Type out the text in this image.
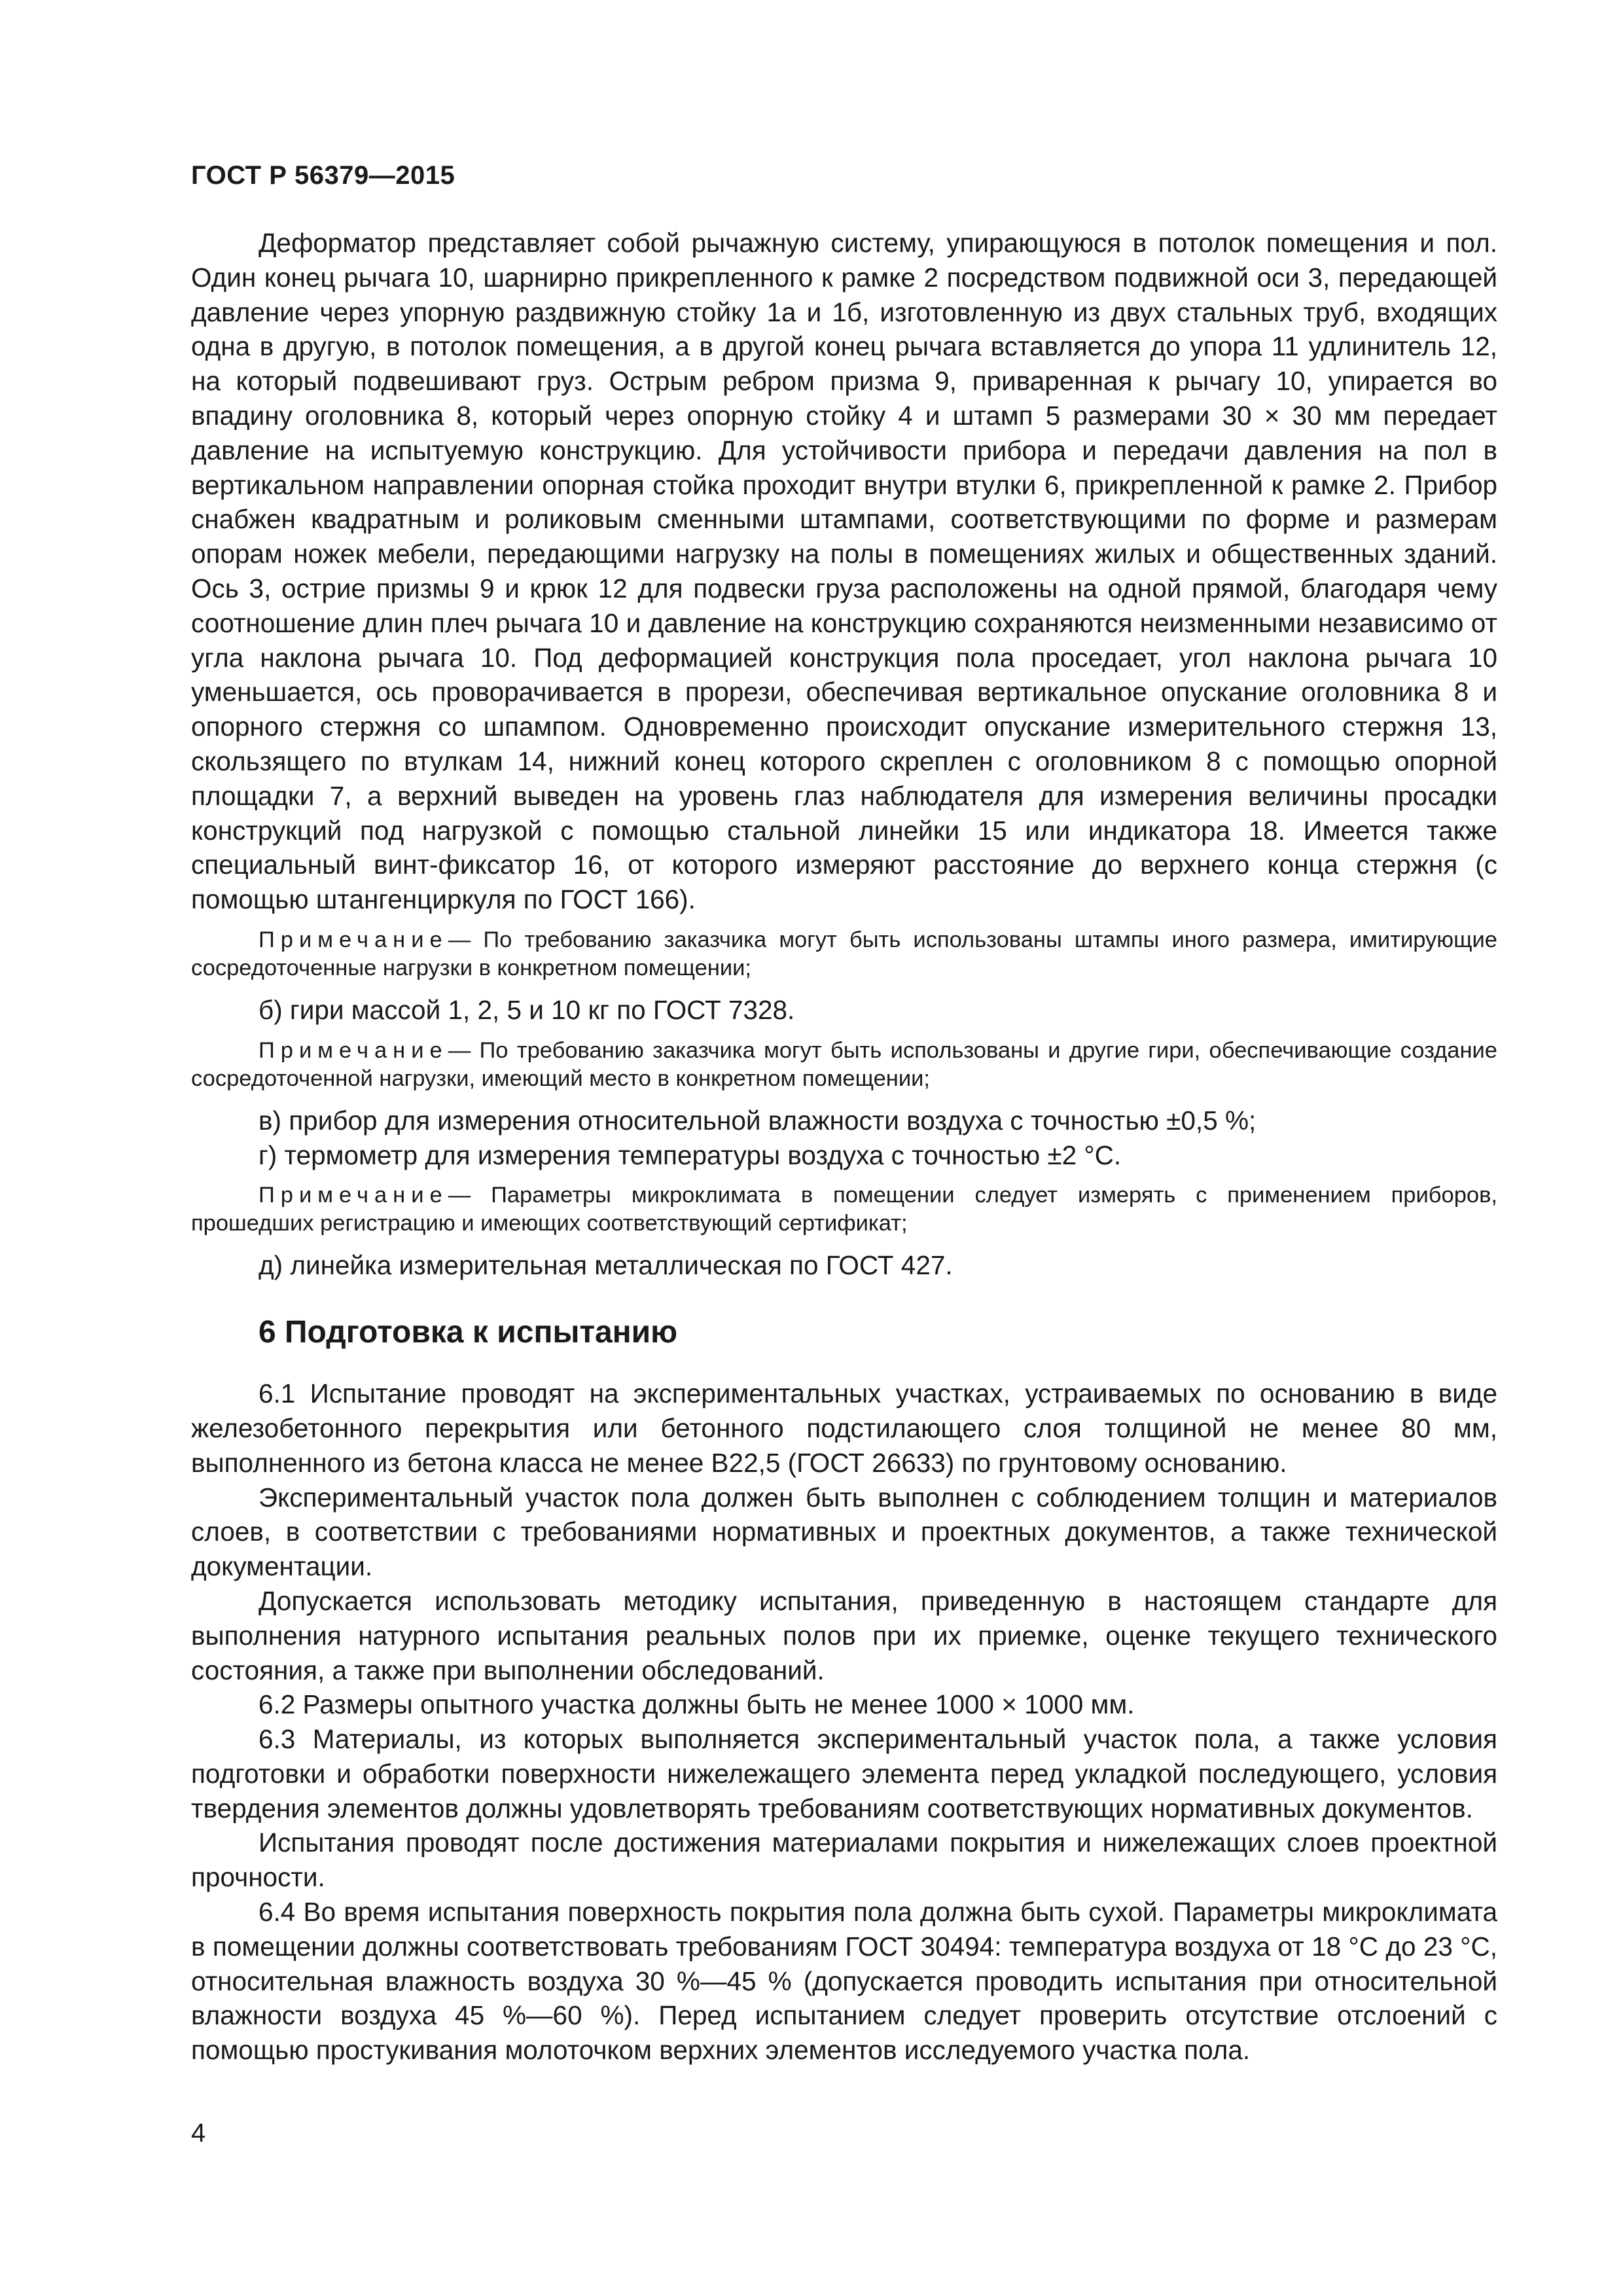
ГОСТ Р 56379—2015

Деформатор представляет собой рычажную систему, упирающуюся в потолок помещения и пол. Один конец рычага 10, шарнирно прикрепленного к рамке 2 посредством подвижной оси 3, передающей давление через упорную раздвижную стойку 1а и 1б, изготовленную из двух стальных труб, входящих одна в другую, в потолок помещения, а в другой конец рычага вставляется до упора 11 удлинитель 12, на который подвешивают груз. Острым ребром призма 9, приваренная к рычагу 10, упирается во впадину оголовника 8, который через опорную стойку 4 и штамп 5 размерами 30 × 30 мм передает давление на испытуемую конструкцию. Для устойчивости прибора и передачи давления на пол в вертикальном направлении опорная стойка проходит внутри втулки 6, прикрепленной к рамке 2. Прибор снабжен квадратным и роликовым сменными штампами, соответствующими по форме и размерам опорам ножек мебели, передающими нагрузку на полы в помещениях жилых и общественных зданий. Ось 3, острие призмы 9 и крюк 12 для подвески груза расположены на одной прямой, благодаря чему соотношение длин плеч рычага 10 и давление на конструкцию сохраняются неизменными независимо от угла наклона рычага 10. Под деформацией конструкция пола проседает, угол наклона рычага 10 уменьшается, ось проворачивается в прорези, обеспечивая вертикальное опускание оголовника 8 и опорного стержня со шпампом. Одновременно происходит опускание измерительного стержня 13, скользящего по втулкам 14, нижний конец которого скреплен с оголовником 8 с помощью опорной площадки 7, а верхний выведен на уровень глаз наблюдателя для измерения величины просадки конструкций под нагрузкой с помощью стальной линейки 15 или индикатора 18. Имеется также специальный винт-фиксатор 16, от которого измеряют расстояние до верхнего конца стержня (с помощью штангенциркуля по ГОСТ 166).

Примечание— По требованию заказчика могут быть использованы штампы иного размера, имитирующие сосредоточенные нагрузки в конкретном помещении;

б) гири массой 1, 2, 5 и 10 кг по ГОСТ 7328.

Примечание— По требованию заказчика могут быть использованы и другие гири, обеспечивающие создание сосредоточенной нагрузки, имеющий место в конкретном помещении;

в) прибор для измерения относительной влажности воздуха с точностью ±0,5 %;

г) термометр для измерения температуры воздуха с точностью ±2 °С.

Примечание— Параметры микроклимата в помещении следует измерять с применением приборов, прошедших регистрацию и имеющих соответствующий сертификат;

д) линейка измерительная металлическая по ГОСТ 427.

6 Подготовка к испытанию

6.1 Испытание проводят на экспериментальных участках, устраиваемых по основанию в виде железобетонного перекрытия или бетонного подстилающего слоя толщиной не менее 80 мм, выполненного из бетона класса не менее В22,5 (ГОСТ 26633) по грунтовому основанию.

Экспериментальный участок пола должен быть выполнен с соблюдением толщин и материалов слоев, в соответствии с требованиями нормативных и проектных документов, а также технической документации.

Допускается использовать методику испытания, приведенную в настоящем стандарте для выполнения натурного испытания реальных полов при их приемке, оценке текущего технического состояния, а также при выполнении обследований.

6.2 Размеры опытного участка должны быть не менее 1000 × 1000 мм.

6.3 Материалы, из которых выполняется экспериментальный участок пола, а также условия подготовки и обработки поверхности нижележащего элемента перед укладкой последующего, условия твердения элементов должны удовлетворять требованиям соответствующих нормативных документов.

Испытания проводят после достижения материалами покрытия и нижележащих слоев проектной прочности.

6.4 Во время испытания поверхность покрытия пола должна быть сухой. Параметры микроклимата в помещении должны соответствовать требованиям ГОСТ 30494: температура воздуха от 18 °С до 23 °С, относительная влажность воздуха 30 %—45 % (допускается проводить испытания при относительной влажности воздуха 45 %—60 %). Перед испытанием следует проверить отсутствие отслоений с помощью простукивания молоточком верхних элементов исследуемого участка пола.

4
